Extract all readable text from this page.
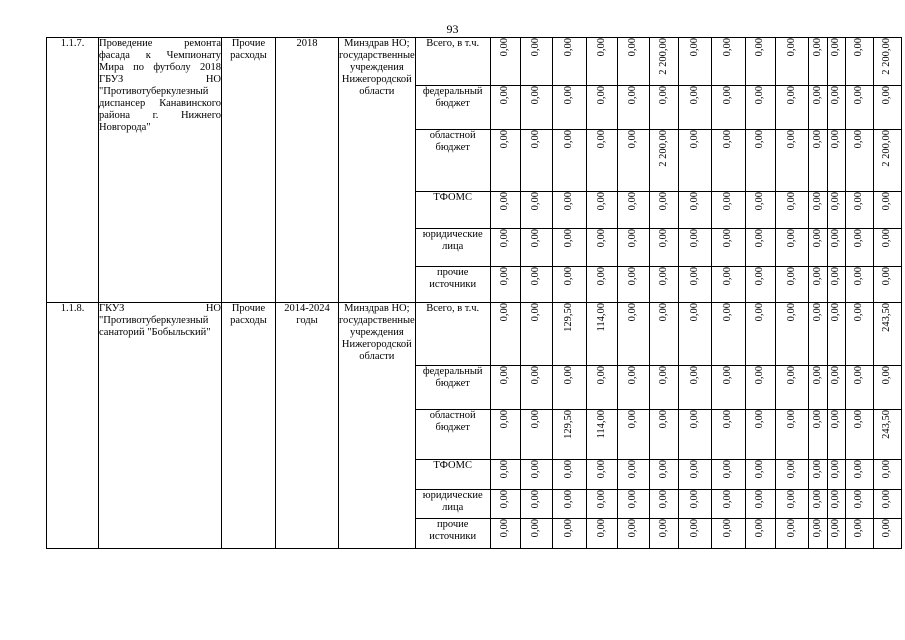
93
1.1.7.	Проведение ремонта фасада к Чемпионату Мира по футболу 2018 ГБУЗ НО "Противотуберкулезный диспансер Канавинского района г. Нижнего Новгорода"	Прочие расходы	2018	Минздрав НО; государственные учреждения Нижегородской области	Всего, в т.ч.	0,00	0,00	0,00	0,00	0,00	2 200,00	0,00	0,00	0,00	0,00	0,00	0,00	0,00	2 200,00
					федеральный бюджет	0,00	0,00	0,00	0,00	0,00	0,00	0,00	0,00	0,00	0,00	0,00	0,00	0,00	0,00
					областной бюджет	0,00	0,00	0,00	0,00	0,00	2 200,00	0,00	0,00	0,00	0,00	0,00	0,00	0,00	2 200,00
					ТФОМС	0,00	0,00	0,00	0,00	0,00	0,00	0,00	0,00	0,00	0,00	0,00	0,00	0,00	0,00
					юридические лица	0,00	0,00	0,00	0,00	0,00	0,00	0,00	0,00	0,00	0,00	0,00	0,00	0,00	0,00
					прочие источники	0,00	0,00	0,00	0,00	0,00	0,00	0,00	0,00	0,00	0,00	0,00	0,00	0,00	0,00
1.1.8.	ГКУЗ НО "Противотуберкулезный санаторий "Бобыльский"	Прочие расходы	2014-2024 годы	Минздрав НО; государственные учреждения Нижегородской области	Всего, в т.ч.	0,00	0,00	129,50	114,00	0,00	0,00	0,00	0,00	0,00	0,00	0,00	0,00	0,00	243,50
					федеральный бюджет	0,00	0,00	0,00	0,00	0,00	0,00	0,00	0,00	0,00	0,00	0,00	0,00	0,00	0,00
					областной бюджет	0,00	0,00	129,50	114,00	0,00	0,00	0,00	0,00	0,00	0,00	0,00	0,00	0,00	243,50
					ТФОМС	0,00	0,00	0,00	0,00	0,00	0,00	0,00	0,00	0,00	0,00	0,00	0,00	0,00	0,00
					юридические лица	0,00	0,00	0,00	0,00	0,00	0,00	0,00	0,00	0,00	0,00	0,00	0,00	0,00	0,00
					прочие источники	0,00	0,00	0,00	0,00	0,00	0,00	0,00	0,00	0,00	0,00	0,00	0,00	0,00	0,00
